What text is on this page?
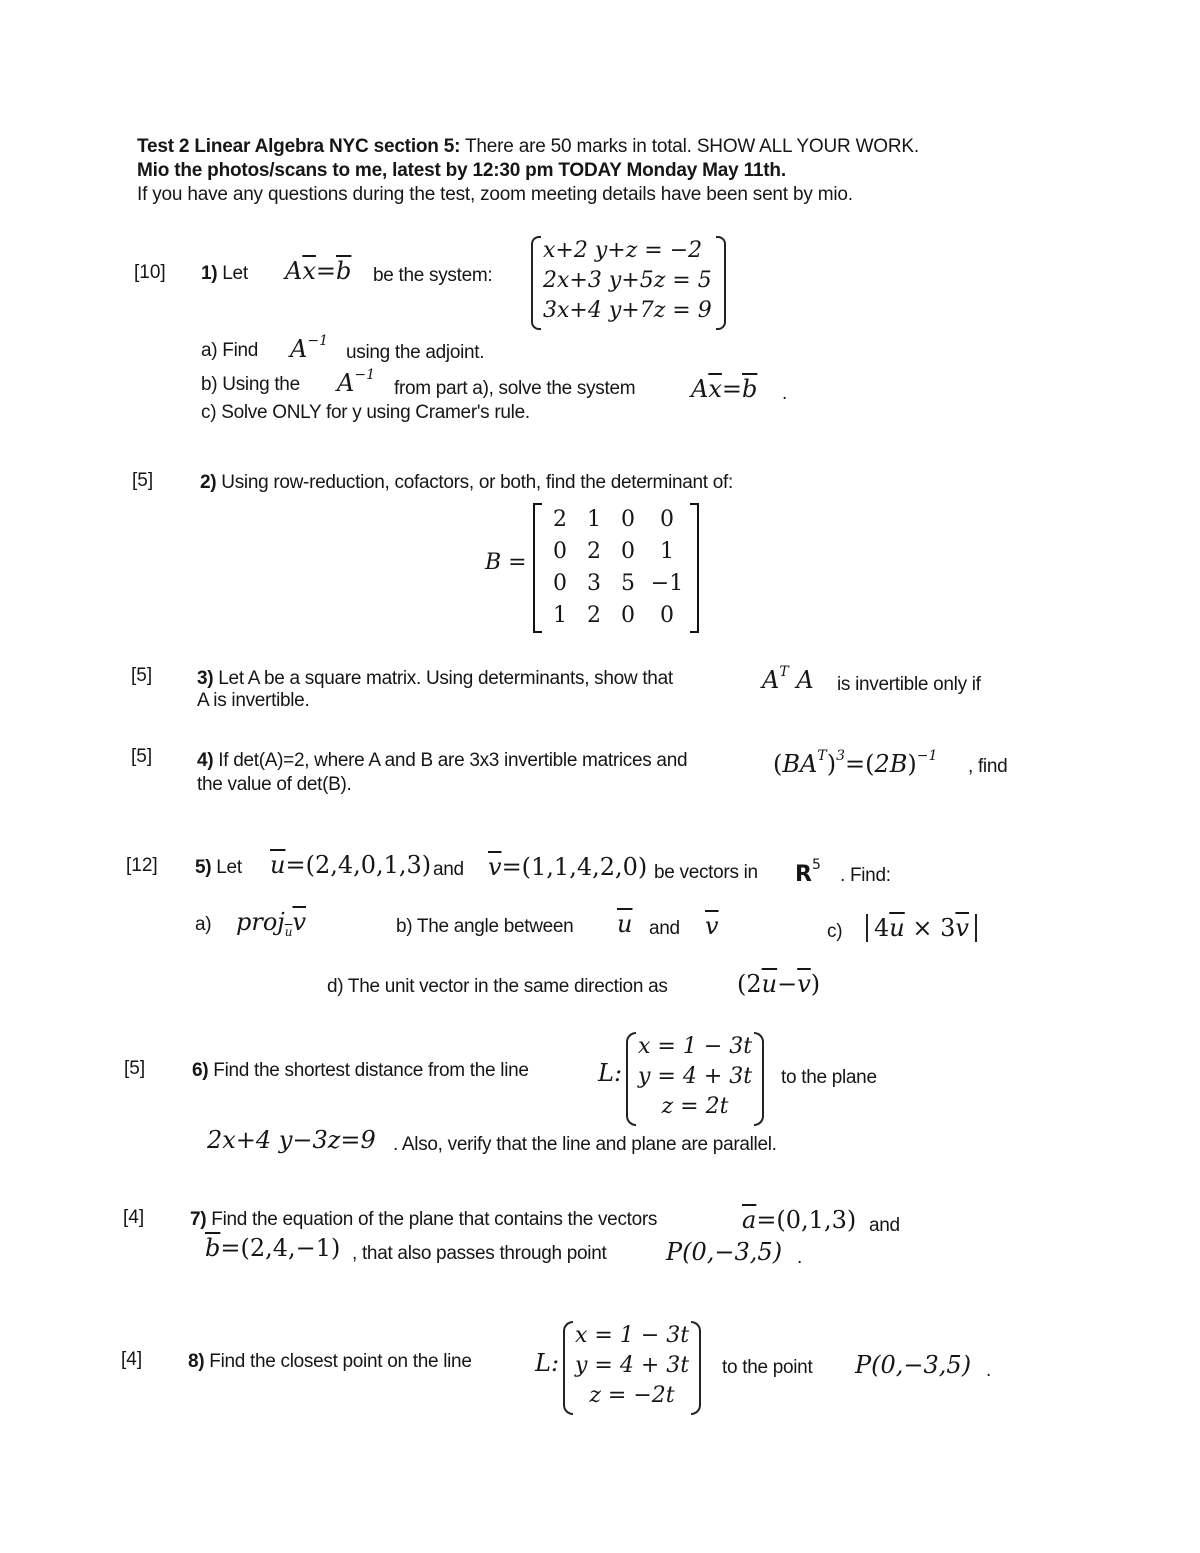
Test 2 Linear Algebra NYC section 5: There are 50 marks in total. SHOW ALL YOUR WORK.
Mio the photos/scans to me, latest by 12:30 pm TODAY Monday May 11th.
If you have any questions during the test, zoom meeting details have been sent by mio.
[10] 1) Let $A\overline{x}=\overline{b}$ be the system:
x+2 y+z = −2
2x+3 y+5z = 5
3x+4 y+7z = 9
a) Find $A^{-1}$
using the adjoint.
b) Using the $A^{-1}$
from part a), solve the system $A\overline{x}=\overline{b}$ .
c) Solve ONLY for y using Cramer's rule.
[5] 2) Using row-reduction, cofactors, or both, find the determinant of:
B =
2 1 0	0
0 2 0	1
0 3 5 −1
1 2 0	0
[5] 3) Let A be a square matrix. Using determinants, show that	$A^T$ A is invertible only if
A is invertible.
[5] 4) If det(A)=2, where A and B are 3x3 invertible matrices and	$(BA^T)^3=(2B)^{-1}$ , find
the value of det(B).
[12] 5) Let $\overline{u}=(2,4,0,1,3)$ and $\overline{v}=(1,1,4,2,0)$ be vectors in $R^5$ . Find:
a) $proj_{\overline{u}}\overline{v}$	b) The angle between $\overline{u}$ and $\overline{v}$	c)	$4\overline{u} \times 3\overline{v}$
d) The unit vector in the same direction as	$(2\overline{u}-\overline{v})$
[5] 6) Find the shortest distance from the line	L:
x = 1 − 3t
y = 4 + 3t
z = 2t
to the plane
2x+4 y−3z=9 . Also, verify that the line and plane are parallel.
[4] 7) Find the equation of the plane that contains the vectors	$\overline{a}=(0,1,3)$ and
$\overline{b}=(2,4,-1)$ , that also passes through point P(0,−3,5) .
[4] 8) Find the closest point on the line	L:
x = 1 − 3t
y = 4 + 3t
z = −2t
to the point P(0,−3,5) .
